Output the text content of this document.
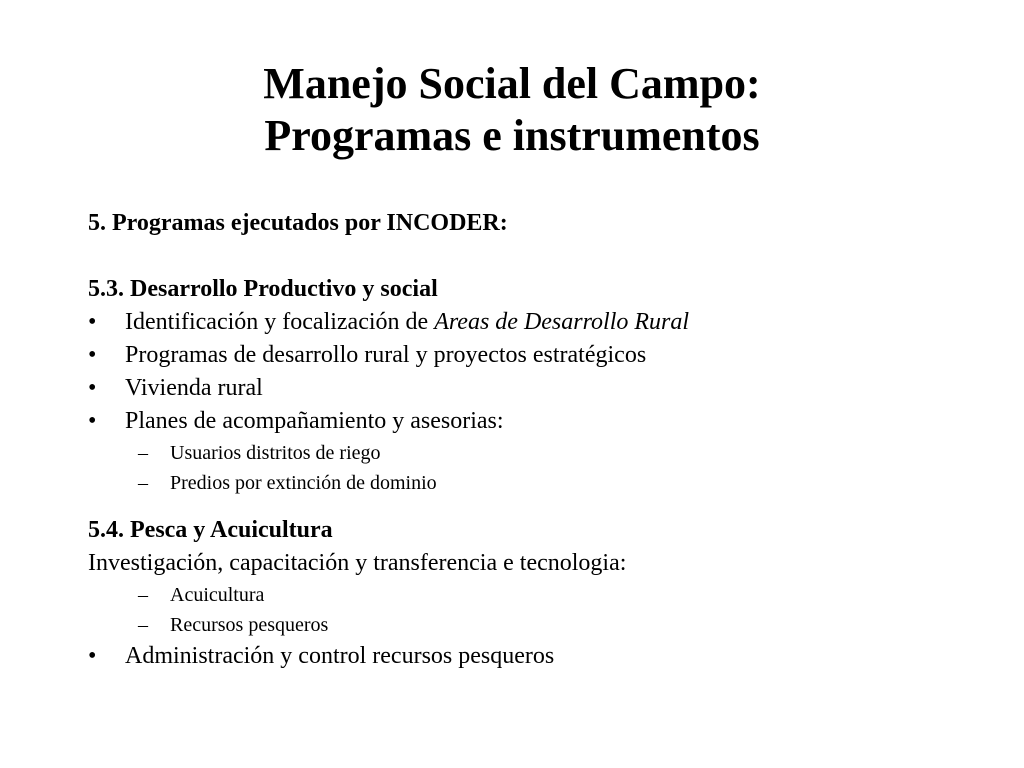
Manejo Social del Campo:
Programas e instrumentos
5. Programas ejecutados por INCODER:
5.3. Desarrollo Productivo y social
•	Identificación y focalización de Areas de Desarrollo Rural
•	Programas de desarrollo rural y proyectos estratégicos
•	Vivienda rural
•	Planes de acompañamiento y asesorias:
– Usuarios distritos de riego
– Predios por extinción de dominio
5.4. Pesca y Acuicultura
Investigación, capacitación y transferencia e tecnologia:
– Acuicultura
– Recursos pesqueros
•	Administración y control recursos pesqueros
